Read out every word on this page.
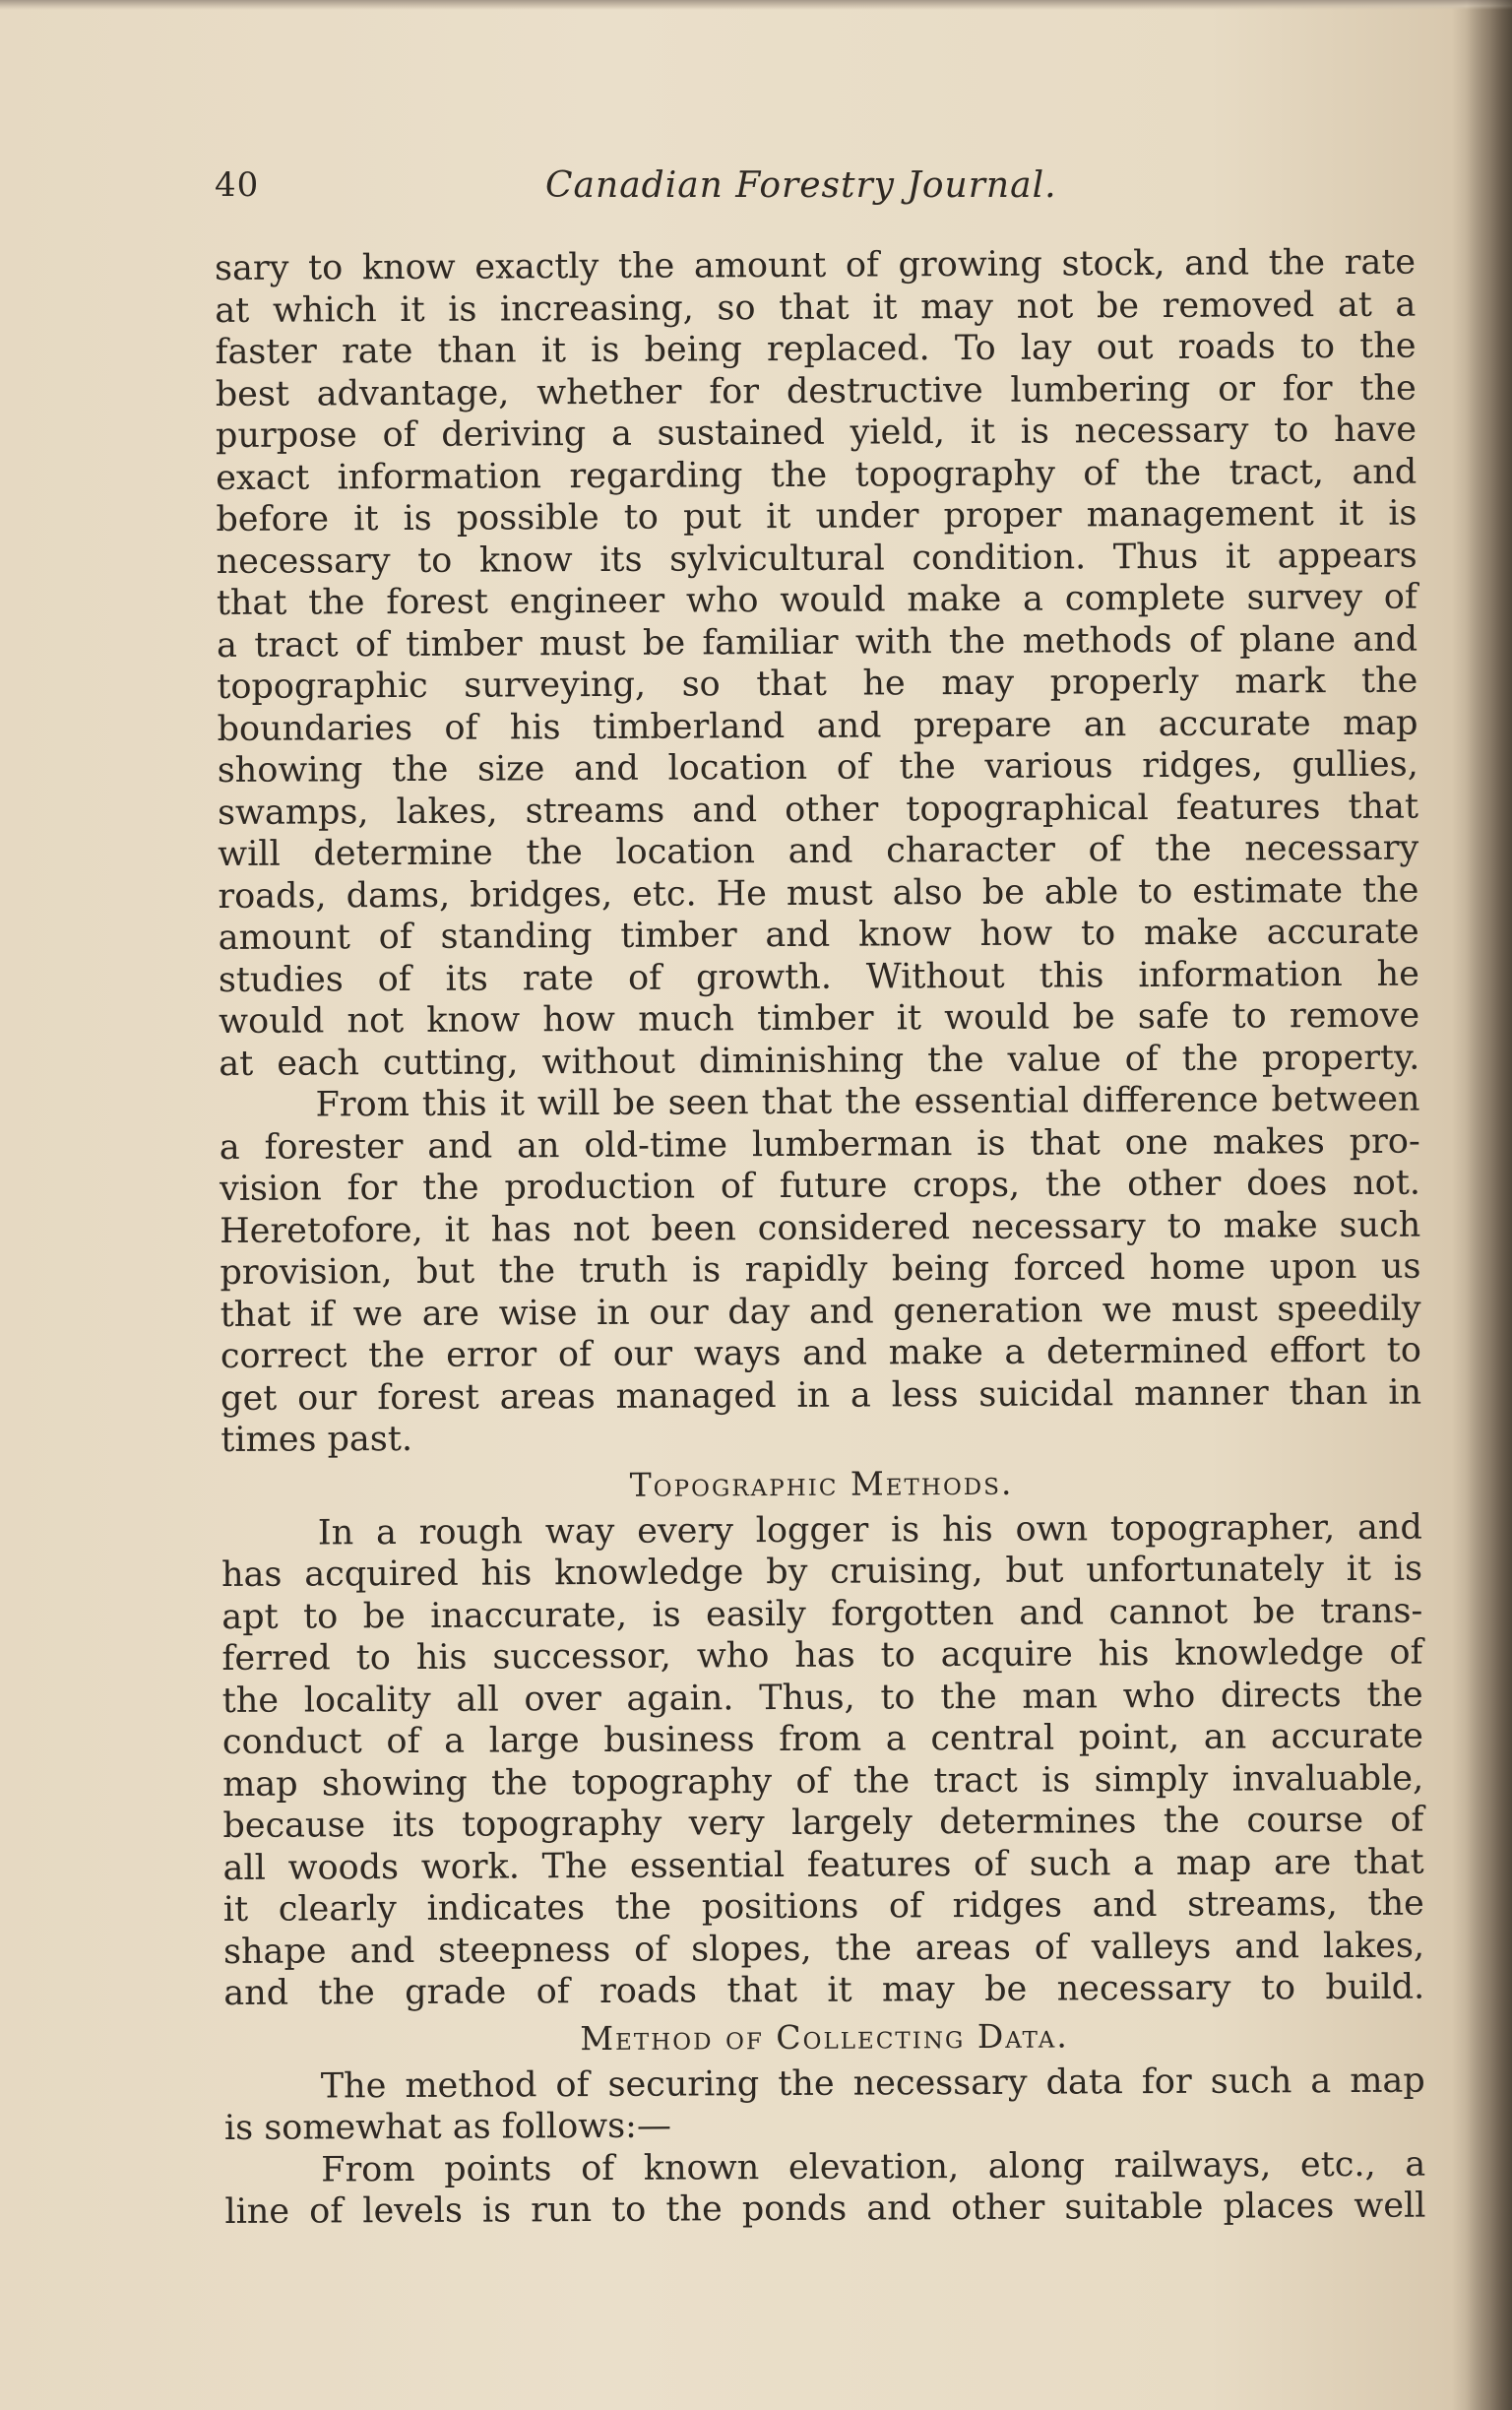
40	Canadian Forestry Journal.
sary to know exactly the amount of growing stock, and the rate
at which it is increasing, so that it may not be removed at a
faster rate than it is being replaced. To lay out roads to the
best advantage, whether for destructive lumbering or for the
purpose of deriving a sustained yield, it is necessary to have
exact information regarding the topography of the tract, and
before it is possible to put it under proper management it is
necessary to know its sylvicultural condition. Thus it appears
that the forest engineer who would make a complete survey of
a tract of timber must be familiar with the methods of plane and
topographic surveying, so that he may properly mark the
boundaries of his timberland and prepare an accurate map
showing the size and location of the various ridges, gullies,
swamps, lakes, streams and other topographical features that
will determine the location and character of the necessary
roads, dams, bridges, etc. He must also be able to estimate the
amount of standing timber and know how to make accurate
studies of its rate of growth. Without this information he
would not know how much timber it would be safe to remove
at each cutting, without diminishing the value of the property.
From this it will be seen that the essential difference between
a forester and an old-time lumberman is that one makes pro-
vision for the production of future crops, the other does not.
Heretofore, it has not been considered necessary to make such
provision, but the truth is rapidly being forced home upon us
that if we are wise in our day and generation we must speedily
correct the error of our ways and make a determined effort to
get our forest areas managed in a less suicidal manner than in
times past.
Topographic Methods.
In a rough way every logger is his own topographer, and
has acquired his knowledge by cruising, but unfortunately it is
apt to be inaccurate, is easily forgotten and cannot be trans-
ferred to his successor, who has to acquire his knowledge of
the locality all over again. Thus, to the man who directs the
conduct of a large business from a central point, an accurate
map showing the topography of the tract is simply invaluable,
because its topography very largely determines the course of
all woods work. The essential features of such a map are that
it clearly indicates the positions of ridges and streams, the
shape and steepness of slopes, the areas of valleys and lakes,
and the grade of roads that it may be necessary to build.
Method of Collecting Data.
The method of securing the necessary data for such a map
is somewhat as follows:—
From points of known elevation, along railways, etc., a
line of levels is run to the ponds and other suitable places well
